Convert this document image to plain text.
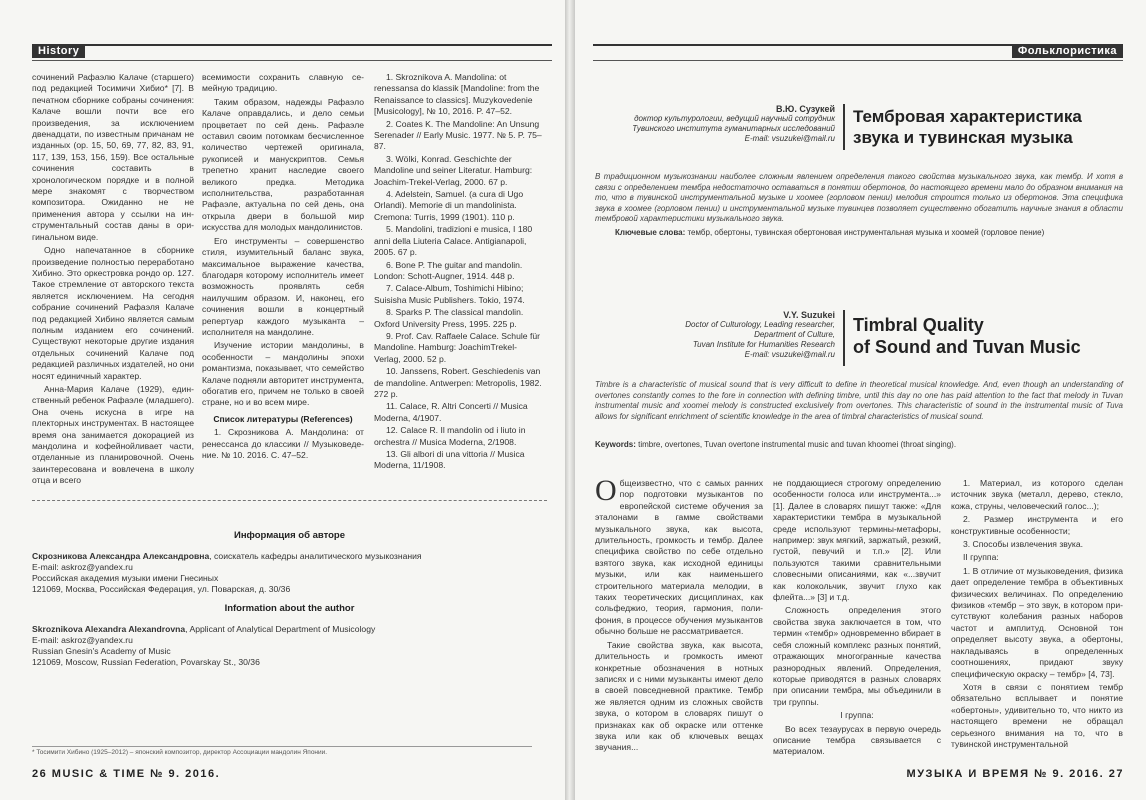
History

сочинений Рафаэлю Калаче (старшего) под редакцией Тосимичи Хибио* [7]. В печатном сборнике собраны сочинения: Калаче вошли почти все его произведения, за исключением двенадцати, по известным причанам не изданных (op. 15, 50, 69, 77, 82, 83, 91, 117, 139, 153, 156, 159). Все остальные сочинения составить в хронологическом порядке и в полной мере знакомят с творчеством композитора. Ожиданно не не применения автора у ссылки на инструментальный состав даны в оригинальном виде.

Одно напечатанное в сборнике произведение полностью переработано Хибино. Это оркестровка рондо ор. 127. Такое стремление от авторского текста является исключением. На сегодня собрание сочинений Рафаэля Калаче под редакцией Хибино является самым полным изданием его сочинений. Существуют некоторые другие издания отдельных сочинений Калаче под редакцией различных издателей, но они носят единичный характер.

Анна-Мария Калаче (1929), единственный ребенок Рафаэле (младшего). Она очень искусна в игре на плекторных инструментах. В настоящее время она занимается докорацией из мандолина и кофейнойливает части, отделанные из планировочной. Очень заинтересована и вовлечена в школу отца и всего

всемимости сохранить славную семейную традицию.

Таким образом, надежды Рафаэло Калаче оправдались, и дело семьи процветает по сей день. Рафаэле оставил своим потомкам бесчисленное количество чертежей оригинала, рукописей и манускриптов. Семья трепетно хранит наследие своего великого предка. Методика исполнительства, разработанная Рафаэле, актуальна по сей день, она открыла двери в большой мир искусства для молодых мандолинистов.

Его инструменты – совершенство стиля, изумительный баланс звука, максимальное выражение качества, благодаря которому исполнитель имеет возможность проявлять себя наилучшим образом. И, наконец, его сочинения вошли в концертный репертуар каждого музыканта – исполнителя на мандолине.

Изучение истории мандолины, в особенности – мандолины эпохи романтизма, показывает, что семейство Калаче подняли авторитет инструмента, обогатив его, причем не только в своей стране, но и во всем мире.

Список литературы (References)

1. Скрозникова А. Мандолина: от ренессанса до классики // Музыковедение. № 10. 2016. С. 47–52.

1. Skroznikova A. Mandolina: ot renessansa do klassik [Mandoline: from the Renaissance to classics]. Muzykovedenie [Musicology], № 10, 2016. P. 47–52.

2. Coates K. The Mandoline: An Unsung Serenader // Early Music. 1977. № 5. P. 75–87.

3. Wölki, Konrad. Geschichte der Mandoline und seiner Literatur. Hamburg: Joachim-Trekel-Verlag, 2000. 67 p.

4. Adelstein, Samuel. (a cura di Ugo Orlandi). Memorie di un mandolinista. Cremona: Turris, 1999 (1901). 110 p.

5. Mandolini, tradizioni e musica, I 180 anni della Liuteria Calace. Antigianapoli, 2005. 67 p.

6. Bone P. The guitar and mandolin. London: Schott-Augner, 1914. 448 p.

7. Calace-Album, Toshimichi Hibino; Suisisha Music Publishers. Tokio, 1974.

8. Sparks P. The classical mandolin. Oxford University Press, 1995. 225 p.

9. Prof. Cav. Raffaele Calace. Schule für Mandoline. Hamburg: JoachimTrekel-Verlag, 2000. 52 p.

10. Janssens, Robert. Geschiedenis van de mandoline. Antwerpen: Metropolis, 1982. 272 p.

11. Calace, R. Altri Concerti // Musica Moderna, 4/1907.

12. Calace R. Il mandolin od i liuto in orchestra // Musica Moderna, 2/1908.

13. Gli albori di una vittoria // Musica Moderna, 11/1908.

Информация об авторе

Скрозникова Александра Александровна, соискатель кафедры аналитического музыкознания

E-mail: askroz@yandex.ru

Российская академия музыки имени Гнесиных

121069, Москва, Российская Федерация, ул. Поварская, д. 30/36

Information about the author

Skroznikova Alexandra Alexandrovna, Applicant of Analytical Department of Musicology

E-mail: askroz@yandex.ru

Russian Gnesin's Academy of Music

121069, Moscow, Russian Federation, Povarskay St., 30/36

* Тосимити Хибино (1925–2012) – японский композитор, директор Ассоциации мандолин Японии.
26 MUSIC & TIME № 9. 2016.
Фольклористика
В.Ю. Сузукей
доктор культурологии, ведущий научный сотрудник
Тувинского института гуманитарных исследований
E-mail: vsuzukei@mail.ru
Тембровая характеристика
звука и тувинская музыка
В традиционном музыкознании наиболее сложным явлением определения такого свойства музыкального звука, как тембр. И хотя в связи с определением тембра недостаточно оставаться в понятии обертонов, до настоящего времени мало до образном внимания на то, что в тувинской инструментальной музыке и хоомее (горловом пении) мелодия строится только из обертонов. Эта специфика звука в хоомее (горловом пении) и инструментальной музыке тувинцев позволяет существенно обогатить научные знания в области тембровой характеристики музыкального звука.
Ключевые слова: тембр, обертоны, тувинская обертоновая инструментальная музыка и хоомей (горловое пение)
V.Y. Suzukei
Doctor of Culturology, Leading researcher,
Department of Culture,
Tuvan Institute for Humanities Research
E-mail: vsuzukei@mail.ru
Timbral Quality
of Sound and Tuvan Music
Timbre is a characteristic of musical sound that is very difficult to define in theoretical musical knowledge. And, even though an understanding of overtones constantly comes to the fore in connection with defining timbre, until this day no one has paid attention to the fact that melody in Tuvan instrumental music and xoomei melody is constructed exclusively from overtones. This characteristic of sound in the instrumental music of Tuva allows for significant enrichment of scientific knowledge in the area of timbral characteristics of musical sound.
Keywords: timbre, overtones, Tuvan overtone instrumental music and tuvan khoomei (throat singing).

Общеизвестно, что с самых ранних пор подготовки музыкантов по европейской системе обучения за эталонами в гамме свойствами музыкального звука, как высота, длительность, громкость и тембр. Далее специфика свойство по себе отдельно взятого звука, как исходной единицы музыки, или как наименьшего строительного материала мелодии, в таких теоретических дисциплинах, как сольфеджио, теория, гармония, полифония, в процессе обучения музыкантов обычно больше не рассматривается.

Такие свойства звука, как высота, длительность и громкость имеют конкретные обозначения в нотных записях и с ними музыканты имеют дело в своей повседневной практике. Тембр же является одним из сложных свойств звука, о котором в словарях пишут о признаках как об окраске или оттенке звука или как об ключевых вещах звучания...

не поддающиеся строгому определению особенности голоса или инструмента...» [1]. Далее в словарях пишут также: «Для характеристики тембра в музыкальной среде используют термины-метафоры, например: звук мягкий, заржатый, резкий, густой, певучий и т.п.» [2]. Или пользуются такими сравнительными словесными описаниями, как «...звучит как колокольчик, звучит глухо как флейта...» [3] и т.д.

Сложность определения этого свойства звука заключается в том, что термин «тембр» одновременно вбирает в себя сложный комплекс разных понятий, отражающих многогранные качества разнородных явлений. Определения, которые приводятся в разных словарях при описании тембра, мы объединили в три группы.

I группа:

Во всех тезаурусах в первую очередь описание тембра связывается с материалом.

1. Материал, из которого сделан источник звука (металл, дерево, стекло, кожа, струны, человеческий голос...);

2. Размер инструмента и его конструктивные особенности;

3. Способы извлечения звука.

II группа:

1. В отличие от музыковедения, физика дает определение тембра в объективных физических величинах. По определению физиков «тембр – это звук, в котором присутствуют колебания разных наборов частот и амплитуд. Основной тон определяет высоту звука, а обертоны, накладываясь в определенных соотношениях, придают звуку специфическую окраску – тембр» [4, 73].

Хотя в связи с понятием тембр обязательно всплывает и понятие «обертоны», удивительно то, что никто из настоящего времени не обращал серьезного внимания на то, что в тувинской инструментальной

МУЗЫКА И ВРЕМЯ № 9. 2016. 27
